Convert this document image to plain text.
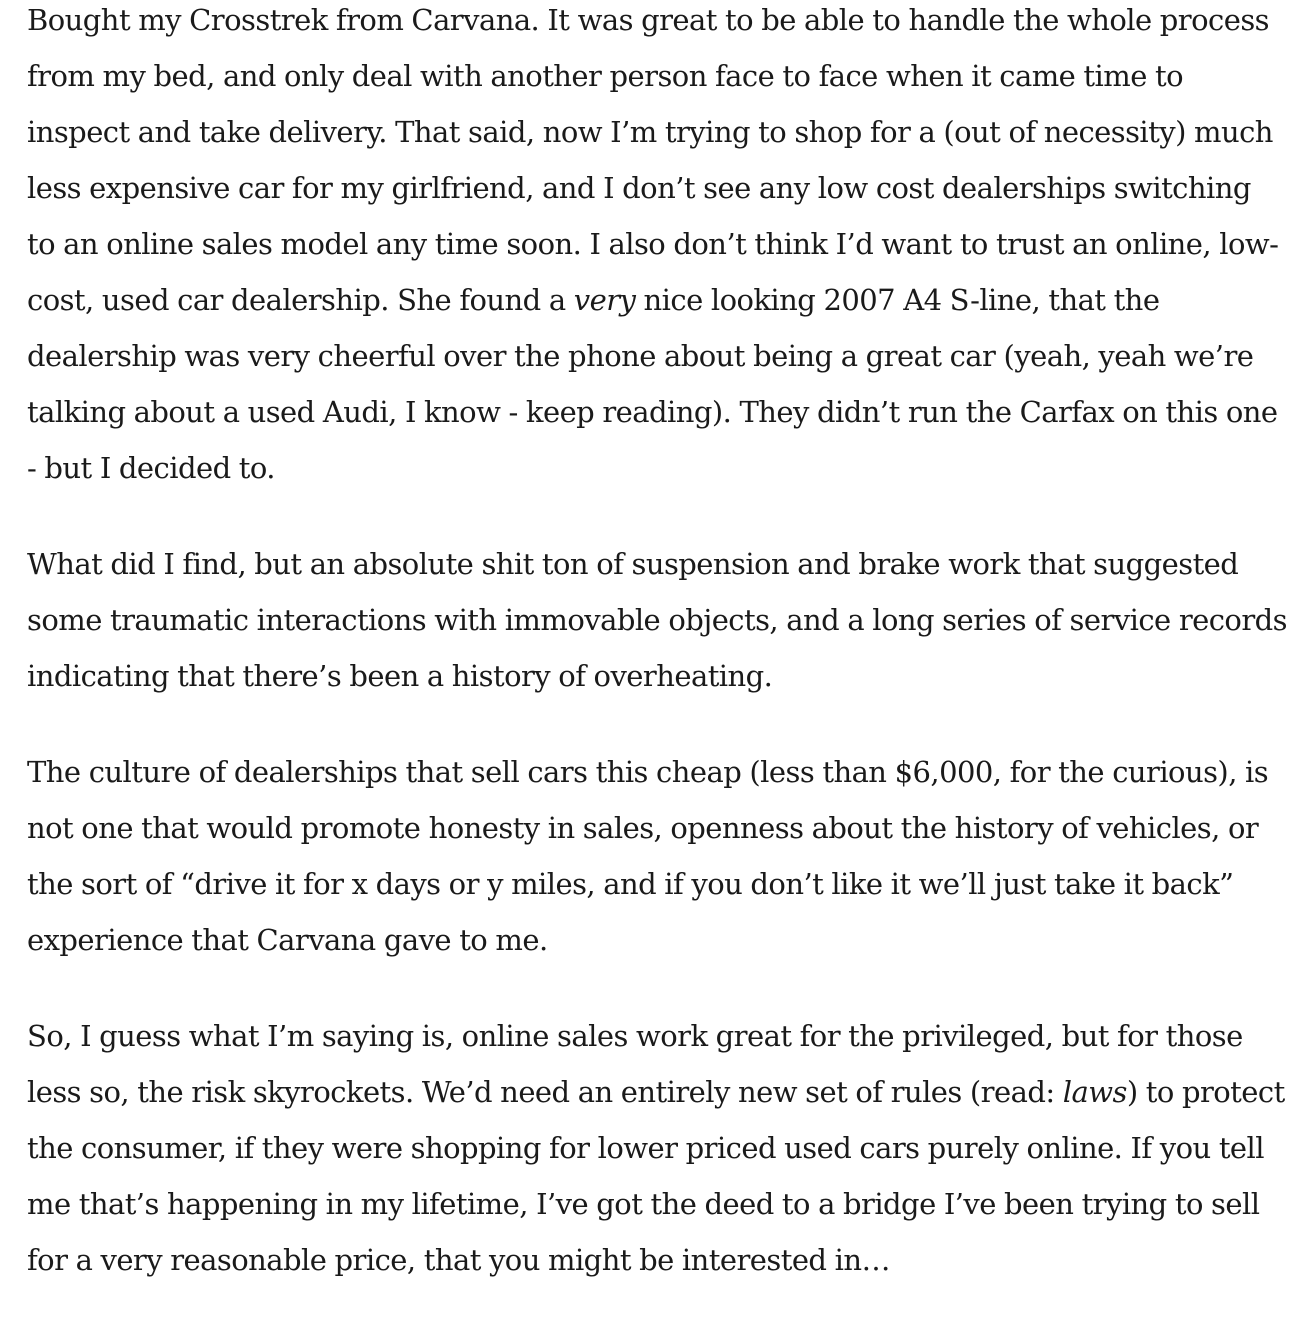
Bought my Crosstrek from Carvana. It was great to be able to handle the whole process from my bed, and only deal with another person face to face when it came time to inspect and take delivery. That said, now I’m trying to shop for a (out of necessity) much less expensive car for my girlfriend, and I don’t see any low cost dealerships switching to an online sales model any time soon. I also don’t think I’d want to trust an online, low-cost, used car dealership. She found a very nice looking 2007 A4 S-line, that the dealership was very cheerful over the phone about being a great car (yeah, yeah we’re talking about a used Audi, I know - keep reading). They didn’t run the Carfax on this one - but I decided to.

What did I find, but an absolute shit ton of suspension and brake work that suggested some traumatic interactions with immovable objects, and a long series of service records indicating that there’s been a history of overheating.

The culture of dealerships that sell cars this cheap (less than $6,000, for the curious), is not one that would promote honesty in sales, openness about the history of vehicles, or the sort of “drive it for x days or y miles, and if you don’t like it we’ll just take it back” experience that Carvana gave to me.

So, I guess what I’m saying is, online sales work great for the privileged, but for those less so, the risk skyrockets. We’d need an entirely new set of rules (read: laws) to protect the consumer, if they were shopping for lower priced used cars purely online. If you tell me that’s happening in my lifetime, I’ve got the deed to a bridge I’ve been trying to sell for a very reasonable price, that you might be interested in…
